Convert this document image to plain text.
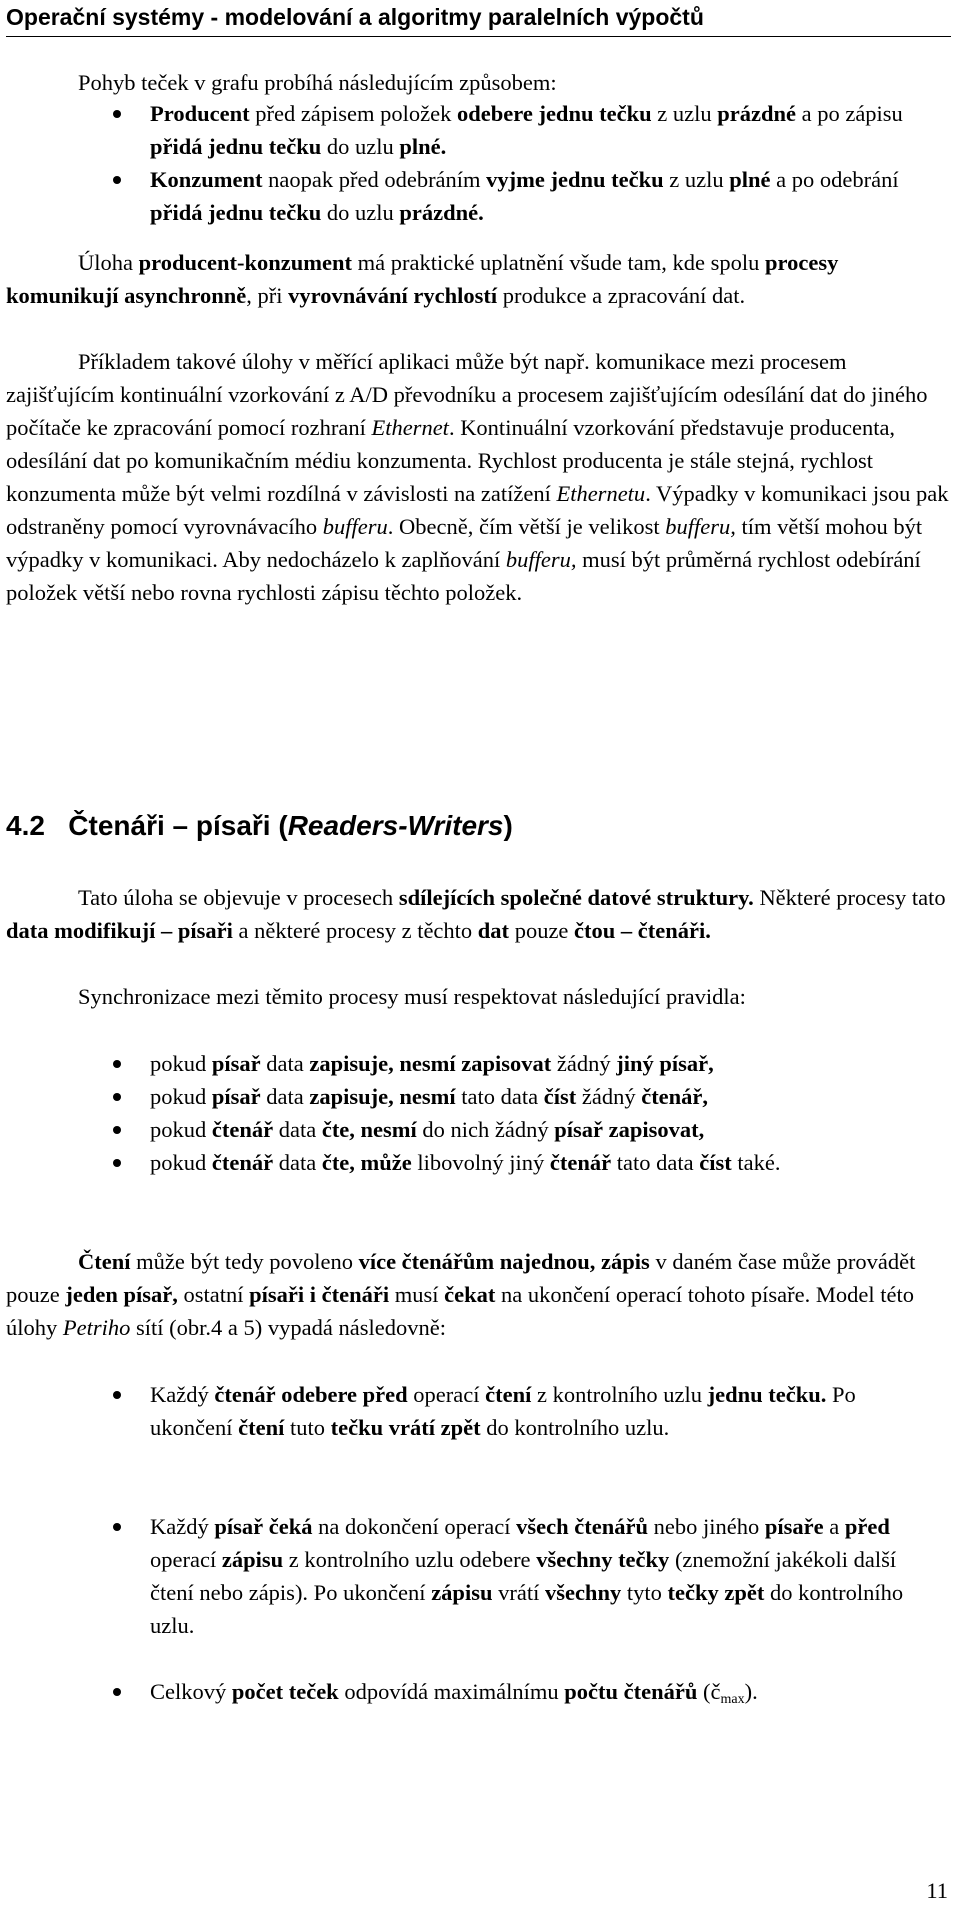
Operační systémy - modelování a algoritmy paralelních výpočtů

Pohyb teček v grafu probíhá následujícím způsobem:

Producent před zápisem položek odebere jednu tečku z uzlu prázdné a po zápisu přidá jednu tečku do uzlu plné.
Konzument naopak před odebráním vyjme jednu tečku z uzlu plné a po odebrání přidá jednu tečku do uzlu prázdné.

Úloha producent-konzument má praktické uplatnění všude tam, kde spolu procesy komunikují asynchronně, při vyrovnávání rychlostí produkce a zpracování dat.

Příkladem takové úlohy v měřící aplikaci může být např. komunikace mezi procesem zajišťujícím kontinuální vzorkování z A/D převodníku a procesem zajišťujícím odesílání dat do jiného počítače ke zpracování pomocí rozhraní Ethernet. Kontinuální vzorkování představuje producenta, odesílání dat po komunikačním médiu konzumenta. Rychlost producenta je stále stejná, rychlost konzumenta může být velmi rozdílná v závislosti na zatížení Ethernetu. Výpadky v komunikaci jsou pak odstraněny pomocí vyrovnávacího bufferu. Obecně, čím větší je velikost bufferu, tím větší mohou být výpadky v komunikaci. Aby nedocházelo k zaplňování bufferu, musí být průměrná rychlost odebírání položek větší nebo rovna rychlosti zápisu těchto položek.

4.2 Čtenáři – písaři (Readers-Writers)

Tato úloha se objevuje v procesech sdílejících společné datové struktury. Některé procesy tato data modifikují – písaři a některé procesy z těchto dat pouze čtou – čtenáři.

Synchronizace mezi těmito procesy musí respektovat následující pravidla:

pokud písař data zapisuje, nesmí zapisovat žádný jiný písař,
pokud písař data zapisuje, nesmí tato data číst žádný čtenář,
pokud čtenář data čte, nesmí do nich žádný písař zapisovat,
pokud čtenář data čte, může libovolný jiný čtenář tato data číst také.

Čtení může být tedy povoleno více čtenářům najednou, zápis v daném čase může provádět pouze jeden písař, ostatní písaři i čtenáři musí čekat na ukončení operací tohoto písaře. Model této úlohy Petriho sítí (obr.4 a 5) vypadá následovně:

Každý čtenář odebere před operací čtení z kontrolního uzlu jednu tečku. Po ukončení čtení tuto tečku vrátí zpět do kontrolního uzlu.
Každý písař čeká na dokončení operací všech čtenářů nebo jiného písaře a před operací zápisu z kontrolního uzlu odebere všechny tečky (znemožní jakékoli další čtení nebo zápis). Po ukončení zápisu vrátí všechny tyto tečky zpět do kontrolního uzlu.
Celkový počet teček odpovídá maximálnímu počtu čtenářů $(č_{max})$.
11
